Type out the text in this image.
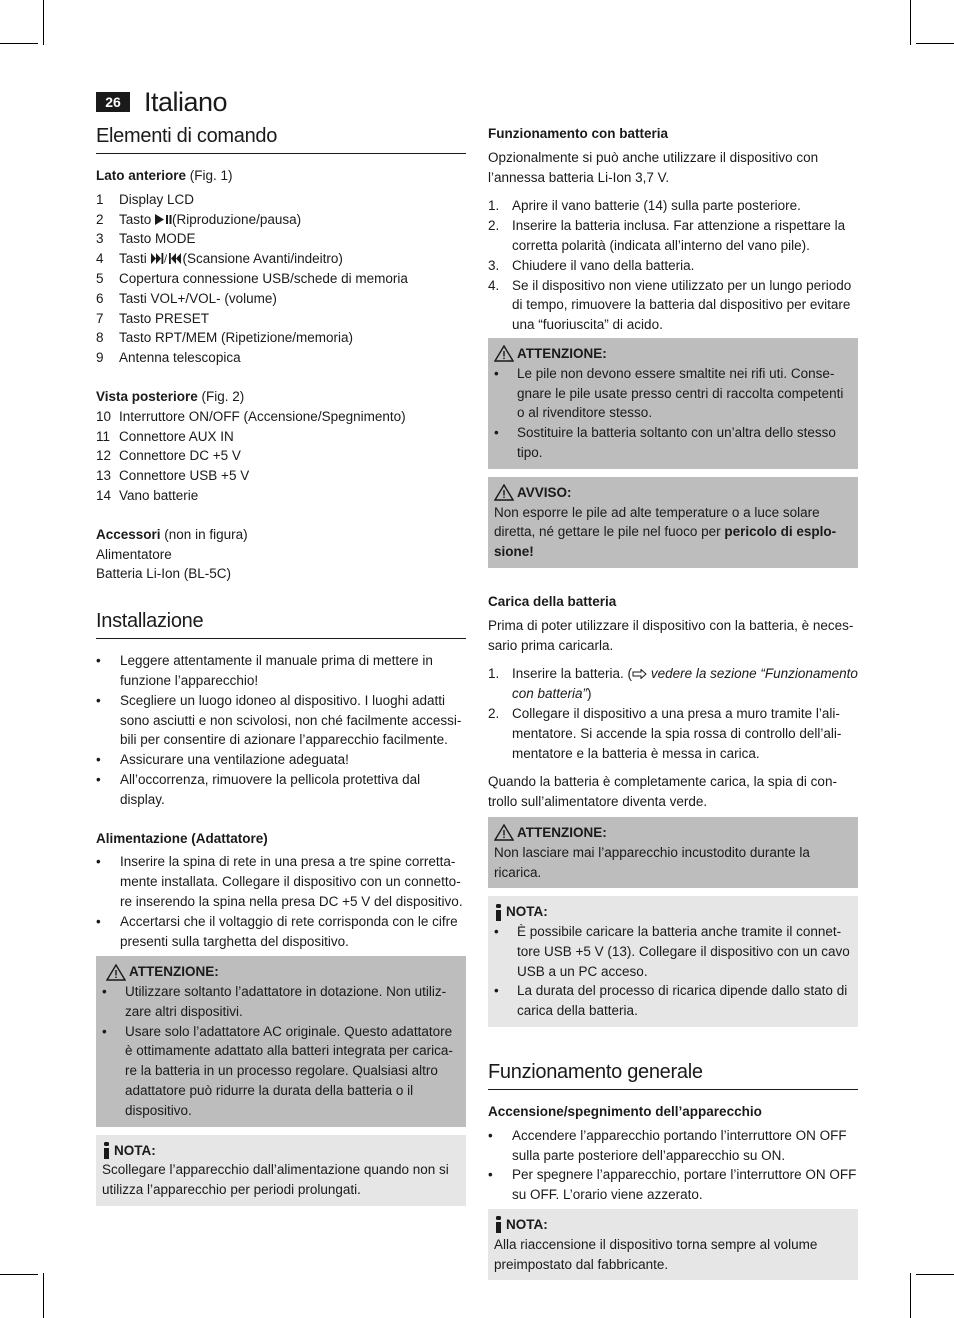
26 Italiano
Elementi di comando
Lato anteriore (Fig. 1)
1	Display LCD
2	Tasto (Riproduzione/pausa)
3	Tasto MODE
4	Tasti / (Scansione Avanti/indeitro)
5	Copertura connessione USB/schede di memoria
6	Tasti VOL+/VOL- (volume)
7	Tasto PRESET
8	Tasto RPT/MEM (Ripetizione/memoria)
9	Antenna telescopica
Vista posteriore (Fig. 2)
10 Interruttore ON/OFF (Accensione/Spegnimento)
11 Connettore AUX IN
12 Connettore DC +5 V
13 Connettore USB +5 V
14 Vano batterie
Accessori (non in figura)

Alimentatore

Batteria Li-Ion (BL-5C)

Installazione
•	Leggere attentamente il manuale prima di mettere in funzione l’apparecchio!
•	Scegliere un luogo idoneo al dispositivo. I luoghi adatti sono asciutti e non scivolosi, non ché facilmente accessi-bili per consentire di azionare l’apparecchio facilmente.
•	Assicurare una ventilazione adeguata!
•	All’occorrenza, rimuovere la pellicola protettiva dal display.
Alimentazione (Adattatore)
•	Inserire la spina di rete in una presa a tre spine corretta-mente installata. Collegare il dispositivo con un connetto-re inserendo la spina nella presa DC +5 V del dispositivo.
•	Accertarsi che il voltaggio di rete corrisponda con le cifre presenti sulla targhetta del dispositivo.
ATTENZIONE:
•	Utilizzare soltanto l’adattatore in dotazione. Non utiliz-zare altri dispositivi.
•	Usare solo l’adattatore AC originale. Questo adattatore è ottimamente adattato alla batteri integrata per carica-re la batteria in un processo regolare. Qualsiasi altro adattatore può ridurre la durata della batteria o il dispositivo.
NOTA:

Scollegare l’apparecchio dall’alimentazione quando non si utilizza l’apparecchio per periodi prolungati.

Funzionamento con batteria

Opzionalmente si può anche utilizzare il dispositivo con l’annessa batteria Li-Ion 3,7 V.

1. Aprire il vano batterie (14) sulla parte posteriore.
2. Inserire la batteria inclusa. Far attenzione a rispettare la corretta polarità (indicata all’interno del vano pile).
3. Chiudere il vano della batteria.
4. Se il dispositivo non viene utilizzato per un lungo periodo di tempo, rimuovere la batteria dal dispositivo per evitare una “fuoriuscita” di acido.
ATTENZIONE:
•	Le pile non devono essere smaltite nei rifi uti. Conse-gnare le pile usate presso centri di raccolta competenti o al rivenditore stesso.
•	Sostituire la batteria soltanto con un’altra dello stesso tipo.
AVVISO:

Non esporre le pile ad alte temperature o a luce solare diretta, né gettare le pile nel fuoco per pericolo di esplo-sione!

Carica della batteria

Prima di poter utilizzare il dispositivo con la batteria, è neces-sario prima caricarla.

1. Inserire la batteria. ( vedere la sezione “Funzionamento con batteria”)
2. Collegare il dispositivo a una presa a muro tramite l’ali-mentatore. Si accende la spia rossa di controllo dell’ali-mentatore e la batteria è messa in carica.

Quando la batteria è completamente carica, la spia di con-trollo sull’alimentatore diventa verde.

ATTENZIONE:

Non lasciare mai l’apparecchio incustodito durante la ricarica.

NOTA:
•	È possibile caricare la batteria anche tramite il connet-tore USB +5 V (13). Collegare il dispositivo con un cavo USB a un PC acceso.
•	La durata del processo di ricarica dipende dallo stato di carica della batteria.
Funzionamento generale
Accensione/spegnimento dell’apparecchio
•	Accendere l’apparecchio portando l’interruttore ON OFF sulla parte posteriore dell’apparecchio su ON.
•	Per spegnere l’apparecchio, portare l’interruttore ON OFF su OFF. L’orario viene azzerato.
NOTA:

Alla riaccensione il dispositivo torna sempre al volume preimpostato dal fabbricante.
